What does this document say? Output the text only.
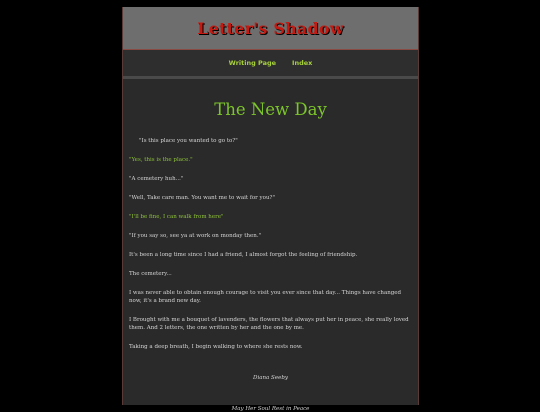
Letter's Shadow
Writing Page Index
The New Day

"Is this place you wanted to go to?"

"Yes, this is the place."

"A cemetery huh..."

"Well, Take care man. You want me to wait for you?"

"I'll be fine, I can walk from here"

"If you say so, see ya at work on monday then."

It's been a long time since I had a friend, I almost forgot the feeling of friendship.

The cemetery...

I was never able to obtain enough courage to visit you ever since that day... Things have changed now, it's a brand new day.

I Brought with me a bouquet of lavenders, the flowers that always put her in peace, she really loved them. And 2 letters, the one written by her and the one by me.

Taking a deep breath, I begin walking to where she rests now.

Diana Seeby
May Her Soul Rest in Peace
